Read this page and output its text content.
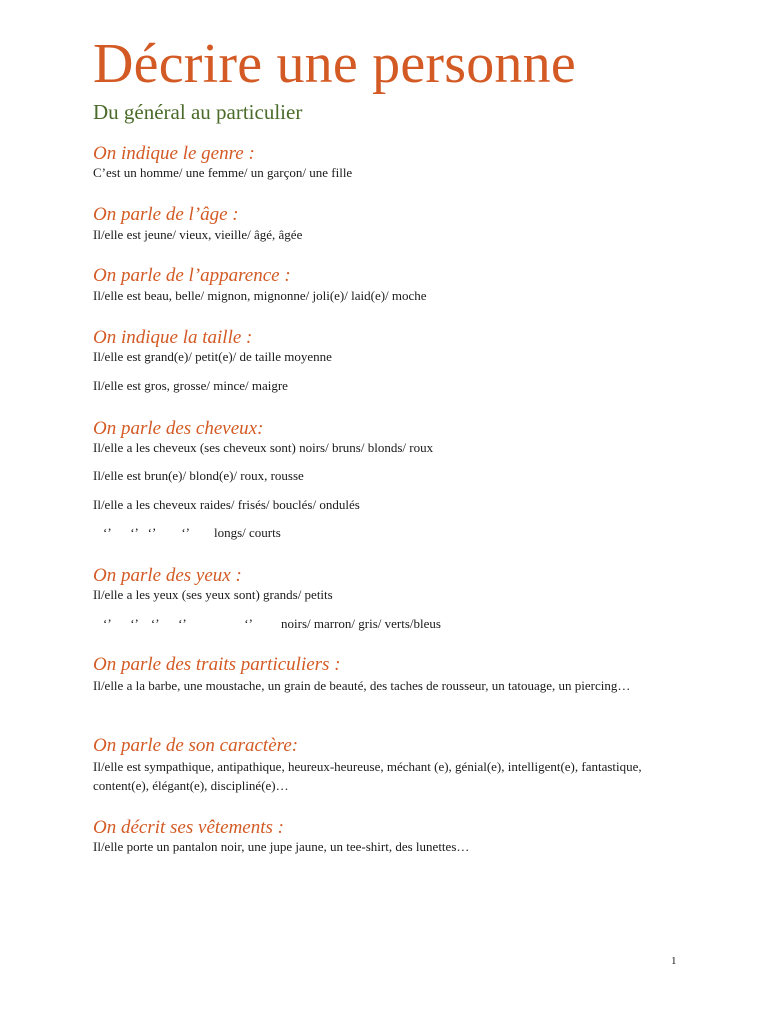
Décrire une personne
Du général au particulier
On indique le genre :
C’est un homme/ une femme/ un garçon/ une fille
On parle de l’âge :
Il/elle est jeune/ vieux, vieille/ âgé, âgée
On parle de l’apparence :
Il/elle est beau, belle/ mignon, mignonne/ joli(e)/ laid(e)/ moche
On indique la taille :
Il/elle est grand(e)/ petit(e)/ de taille moyenne
Il/elle est gros, grosse/ mince/ maigre
On parle des cheveux:
Il/elle a les cheveux (ses cheveux sont) noirs/ bruns/ blonds/ roux
Il/elle est brun(e)/ blond(e)/ roux, rousse
Il/elle a les cheveux raides/ frisés/ bouclés/ ondulés
‘’      ‘’   ‘’        ‘’ longs/ courts
On parle des yeux :
Il/elle a les yeux (ses yeux sont) grands/ petits
‘’      ‘’    ‘’      ‘’                  ‘’ noirs/ marron/ gris/ verts/bleus
On parle des traits particuliers :
Il/elle a la barbe, une moustache, un grain de beauté, des taches de rousseur, un tatouage, un piercing…
On parle de son caractère:
Il/elle est sympathique, antipathique, heureux-heureuse, méchant (e), génial(e), intelligent(e), fantastique, content(e), élégant(e), discipliné(e)…
On décrit ses vêtements :
Il/elle porte un pantalon noir, une jupe jaune, un tee-shirt, des lunettes…
1
